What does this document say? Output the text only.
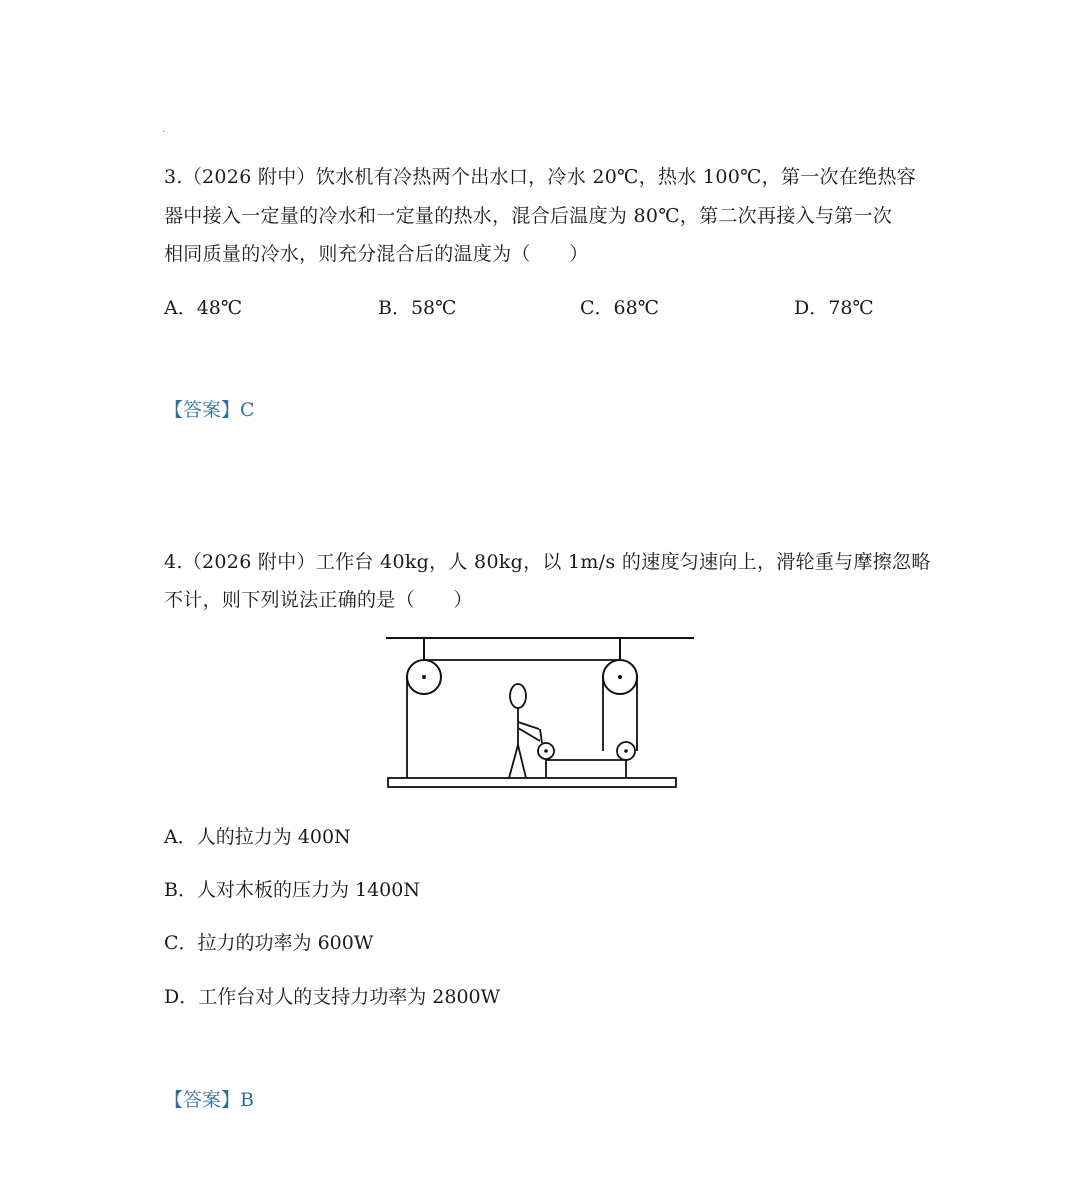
.
3.（2026 附中）饮水机有冷热两个出水口，冷水 20℃，热水 100℃，第一次在绝热容
器中接入一定量的冷水和一定量的热水，混合后温度为 80℃，第二次再接入与第一次
相同质量的冷水，则充分混合后的温度为（　　）
A．48℃	B．58℃	C．68℃	D．78℃
【答案】C
4.（2026 附中）工作台 40kg，人 80kg，以 1m/s 的速度匀速向上，滑轮重与摩擦忽略
不计，则下列说法正确的是（　　）
A．人的拉力为 400N
B．人对木板的压力为 1400N
C．拉力的功率为 600W
D．工作台对人的支持力功率为 2800W
【答案】B
